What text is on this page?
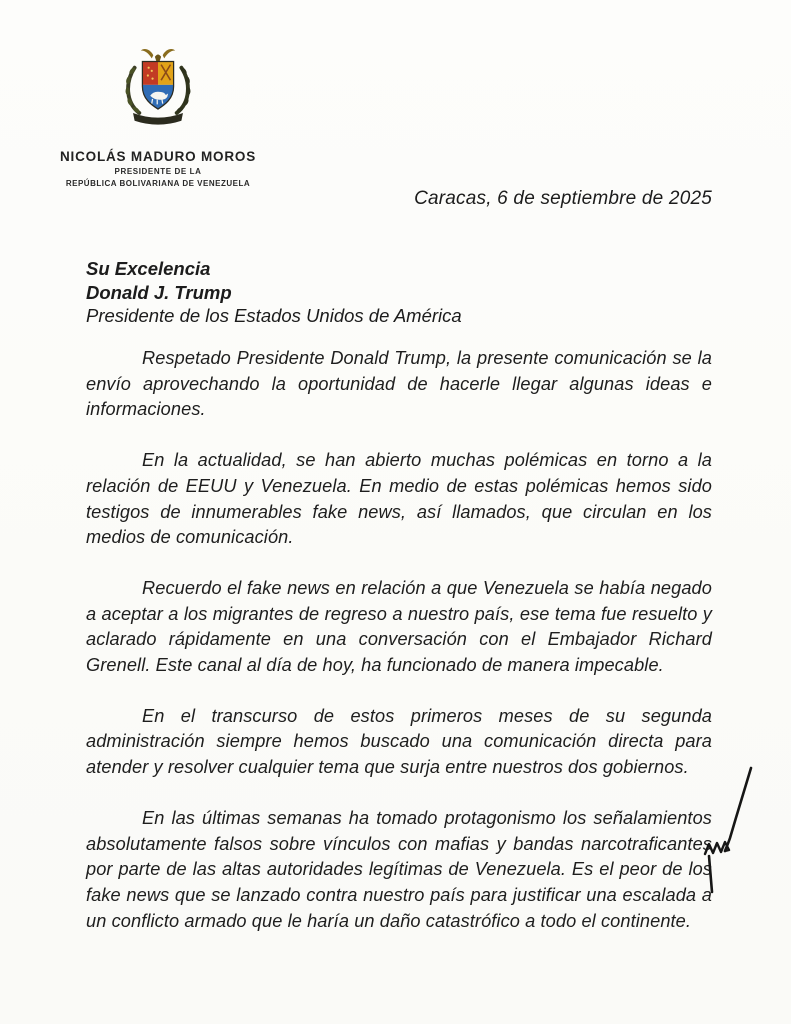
NICOLÁS MADURO MOROS
PRESIDENTE DE LA
REPÚBLICA BOLIVARIANA DE VENEZUELA
Caracas, 6 de septiembre de 2025
Su Excelencia
Donald J. Trump
Presidente de los Estados Unidos de América

Respetado Presidente Donald Trump, la presente comunicación se la envío aprovechando la oportunidad de hacerle llegar algunas ideas e informaciones.

En la actualidad, se han abierto muchas polémicas en torno a la relación de EEUU y Venezuela. En medio de estas polémicas hemos sido testigos de innumerables fake news, así llamados, que circulan en los medios de comunicación.

Recuerdo el fake news en relación a que Venezuela se había negado a aceptar a los migrantes de regreso a nuestro país, ese tema fue resuelto y aclarado rápidamente en una conversación con el Embajador Richard Grenell. Este canal al día de hoy, ha funcionado de manera impecable.

En el transcurso de estos primeros meses de su segunda administración siempre hemos buscado una comunicación directa para atender y resolver cualquier tema que surja entre nuestros dos gobiernos.

En las últimas semanas ha tomado protagonismo los señalamientos absolutamente falsos sobre vínculos con mafias y bandas narcotraficantes por parte de las altas autoridades legítimas de Venezuela. Es el peor de los fake news que se lanzado contra nuestro país para justificar una escalada a un conflicto armado que le haría un daño catastrófico a todo el continente.
